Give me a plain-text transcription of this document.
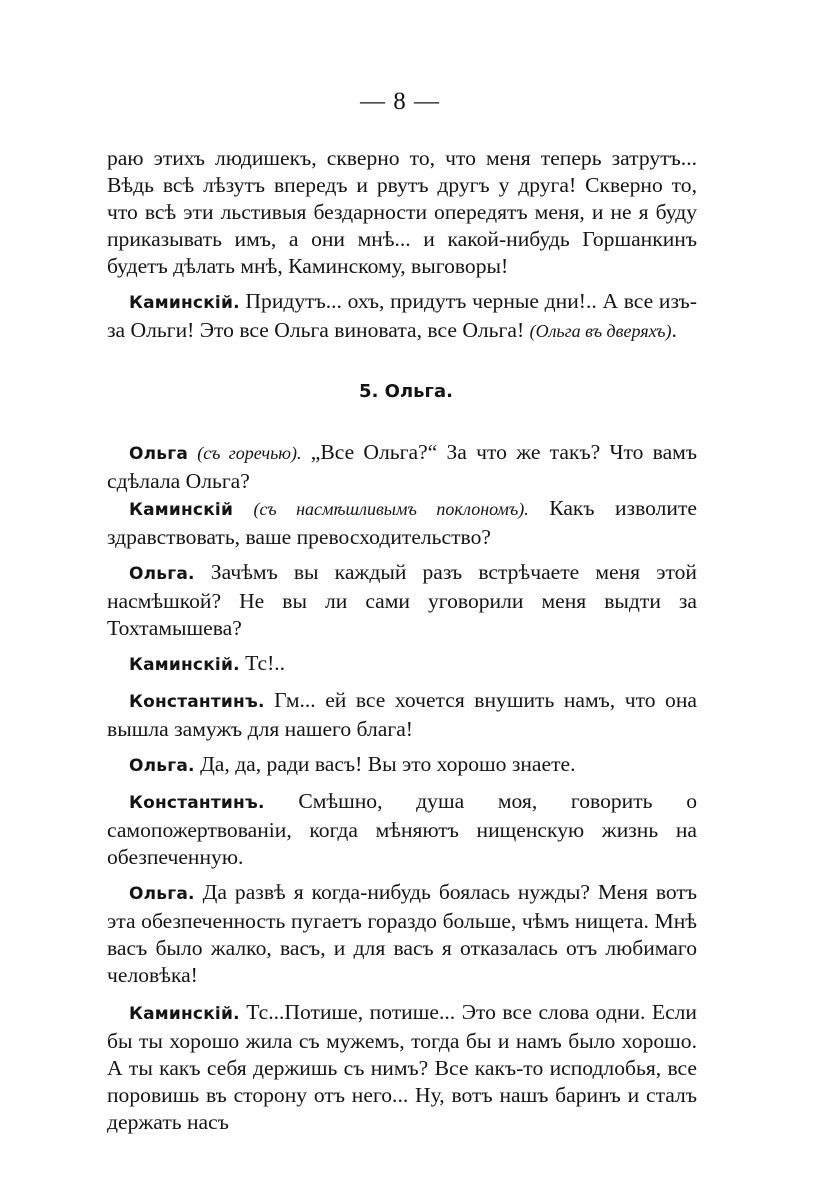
— 8 —

раю этихъ людишекъ, скверно то, что меня теперь затрутъ... Вѣдь всѣ лѣзутъ впередъ и рвутъ другъ у друга! Скверно то, что всѣ эти льстивыя бездарности опередятъ меня, и не я буду приказывать имъ, а они мнѣ... и какой-нибудь Горшанкинъ будетъ дѣлать мнѣ, Каминскому, выговоры!

Каминскій. Придутъ... охъ, придутъ черные дни!.. А все изъ-за Ольги! Это все Ольга виновата, все Ольга! (Ольга въ дверяхъ).

5. Ольга.

Ольга (съ горечью). „Все Ольга?“ За что же такъ? Что вамъ сдѣлала Ольга?

Каминскій (съ насмѣшливымъ поклономъ). Какъ изволите здравствовать, ваше превосходительство?

Ольга. Зачѣмъ вы каждый разъ встрѣчаете меня этой насмѣшкой? Не вы ли сами уговорили меня выдти за Тохтамышева?

Каминскій. Тс!..

Константинъ. Гм... ей все хочется внушить намъ, что она вышла замужъ для нашего блага!

Ольга. Да, да, ради васъ! Вы это хорошо знаете.

Константинъ. Смѣшно, душа моя, говорить о самопожертвованіи, когда мѣняютъ нищенскую жизнь на обезпеченную.

Ольга. Да развѣ я когда-нибудь боялась нужды? Меня вотъ эта обезпеченность пугаетъ гораздо больше, чѣмъ нищета. Мнѣ васъ было жалко, васъ, и для васъ я отказалась отъ любимаго человѣка!

Каминскій. Тс...Потише, потише... Это все слова одни. Если бы ты хорошо жила съ мужемъ, тогда бы и намъ было хорошо. А ты какъ себя держишь съ нимъ? Все какъ-то исподлобья, все поровишь въ сторону отъ него... Ну, вотъ нашъ баринъ и сталъ держать насъ
